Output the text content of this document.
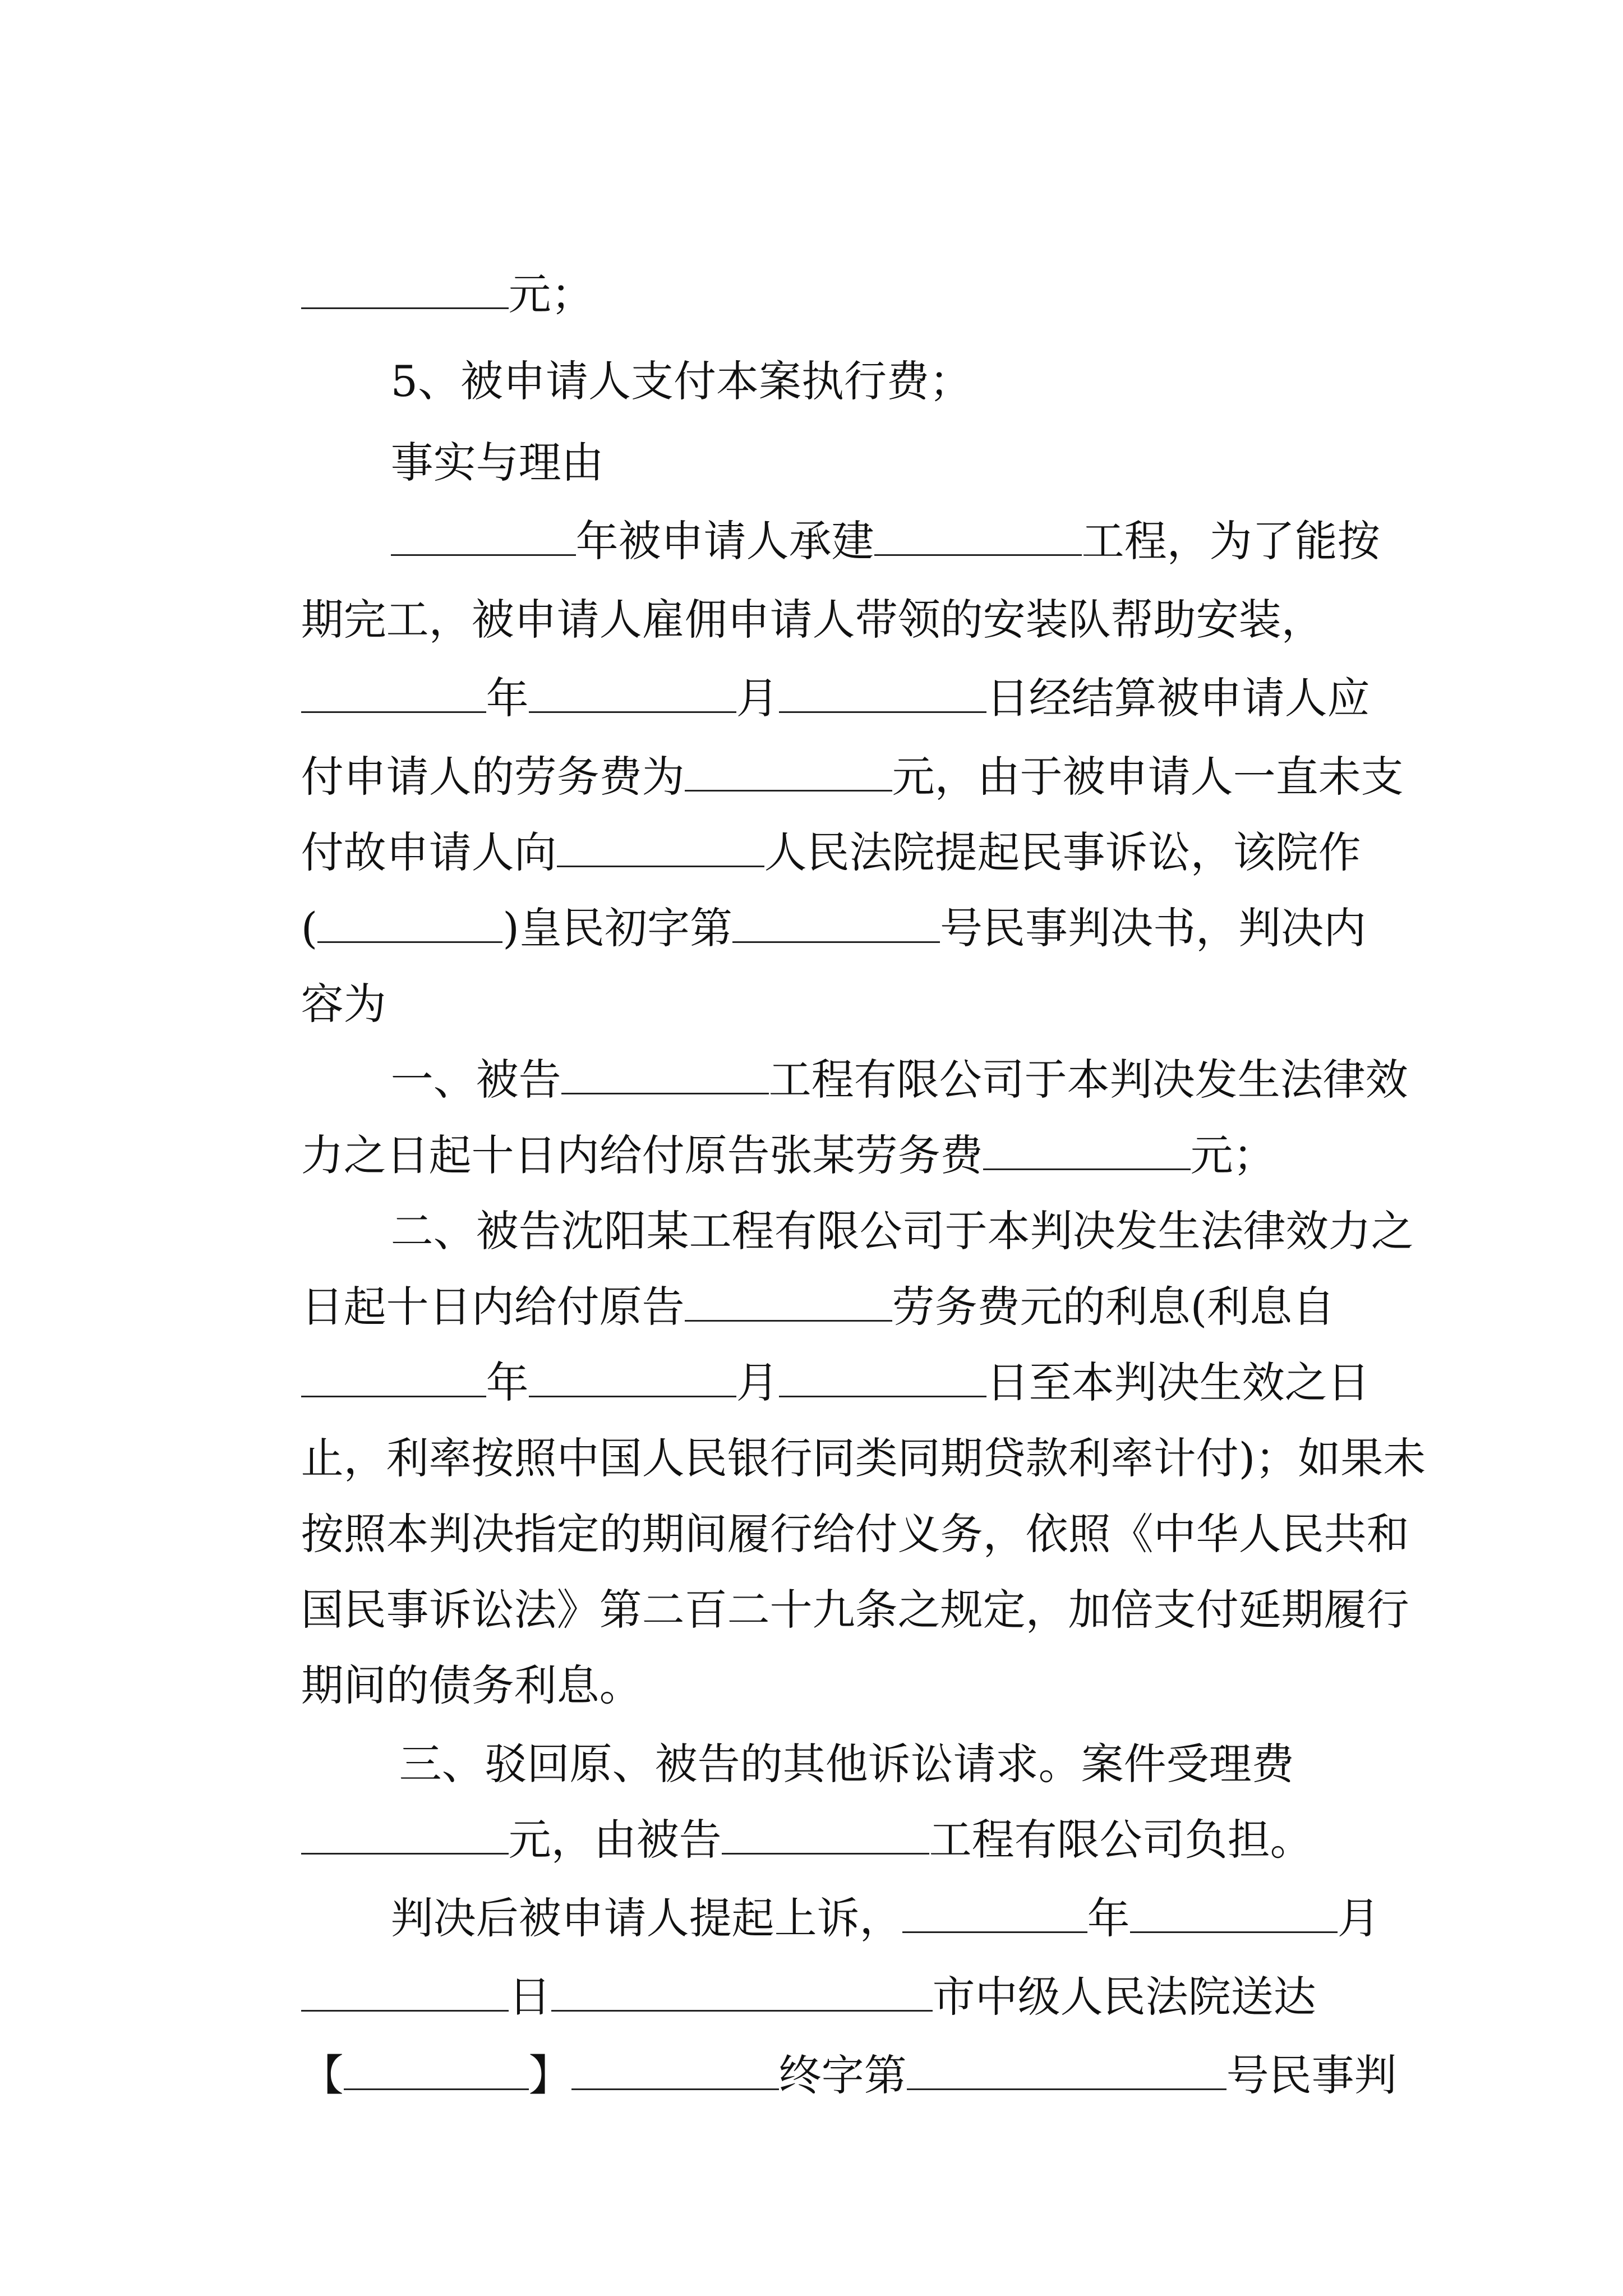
元；

5、被申请人支付本案执行费；

事实与理由

年被申请人承建	工程，为了能按

期完工，被申请人雇佣申请人带领的安装队帮助安装，

年	月	日经结算被申请人应

付申请人的劳务费为	元，由于被申请人一直未支

付故申请人向	人民法院提起民事诉讼，该院作

(	)皇民初字第	号民事判决书，判决内

容为

一、被告	工程有限公司于本判决发生法律效

力之日起十日内给付原告张某劳务费	元；

二、被告沈阳某工程有限公司于本判决发生法律效力之

日起十日内给付原告	劳务费元的利息(利息自

年	月	日至本判决生效之日

止，利率按照中国人民银行同类同期贷款利率计付)；如果未

按照本判决指定的期间履行给付义务，依照《中华人民共和

国民事诉讼法》第二百二十九条之规定，加倍支付延期履行

期间的债务利息。

三、驳回原、被告的其他诉讼请求。案件受理费

元，由被告	工程有限公司负担。

判决后被申请人提起上诉，	年	月

日	市中级人民法院送达

【	】	终字第	号民事判
